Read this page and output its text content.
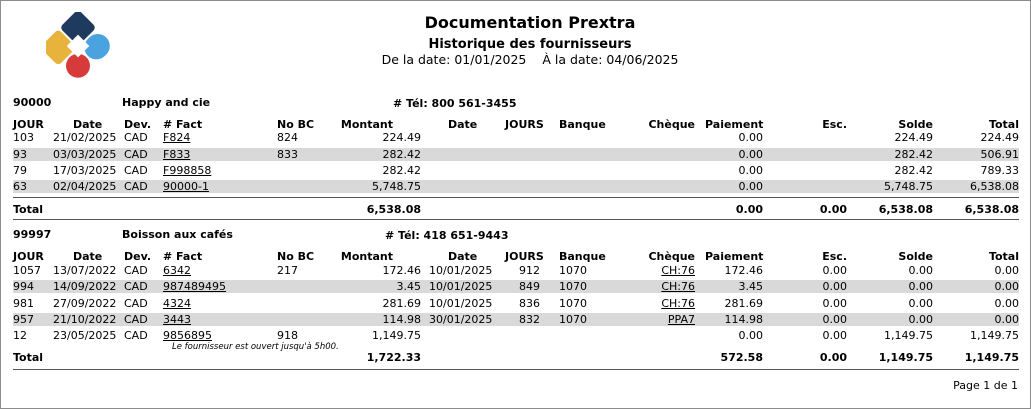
Documentation Prextra
Historique des fournisseurs
De la date: 01/01/2025 À la date: 04/06/2025
90000	Happy and cie	# Tél: 800 561-3455
JOUR	Date Dev. # Fact	No BC	Montant	Date	JOURS Banque	Chèque Paiement	Esc.	Solde	Total
103 21/02/2025 CAD F824	824	224.49	0.00	224.49	224.49
93 03/03/2025 CAD F833	833	282.42	0.00	282.42	506.91
79 17/03/2025 CAD F998858	282.42	0.00	282.42	789.33
63 02/04/2025 CAD 90000-1	5,748.75	0.00	5,748.75	6,538.08
Total	6,538.08	0.00	0.00	6,538.08	6,538.08
99997	Boisson aux cafés	# Tél: 418 651-9443
JOUR	Date Dev. # Fact	No BC	Montant	Date	JOURS Banque	Chèque Paiement	Esc.	Solde	Total
1057 13/07/2022 CAD 6342	217	172.46 10/01/2025	912 1070	CH:76	172.46	0.00	0.00	0.00
994 14/09/2022 CAD 987489495	3.45 10/01/2025	849 1070	CH:76	3.45	0.00	0.00	0.00
981 27/09/2022 CAD 4324	281.69 10/01/2025	836 1070	CH:76	281.69	0.00	0.00	0.00
957 21/10/2022 CAD 3443	114.98 30/01/2025	832 1070	PPA7	114.98	0.00	0.00	0.00
12 23/05/2025 CAD 9856895	918	1,149.75	0.00	0.00	1,149.75	1,149.75
Le fournisseur est ouvert jusqu'à 5h00.
Total	1,722.33	572.58	0.00	1,149.75	1,149.75
Page 1 de 1
